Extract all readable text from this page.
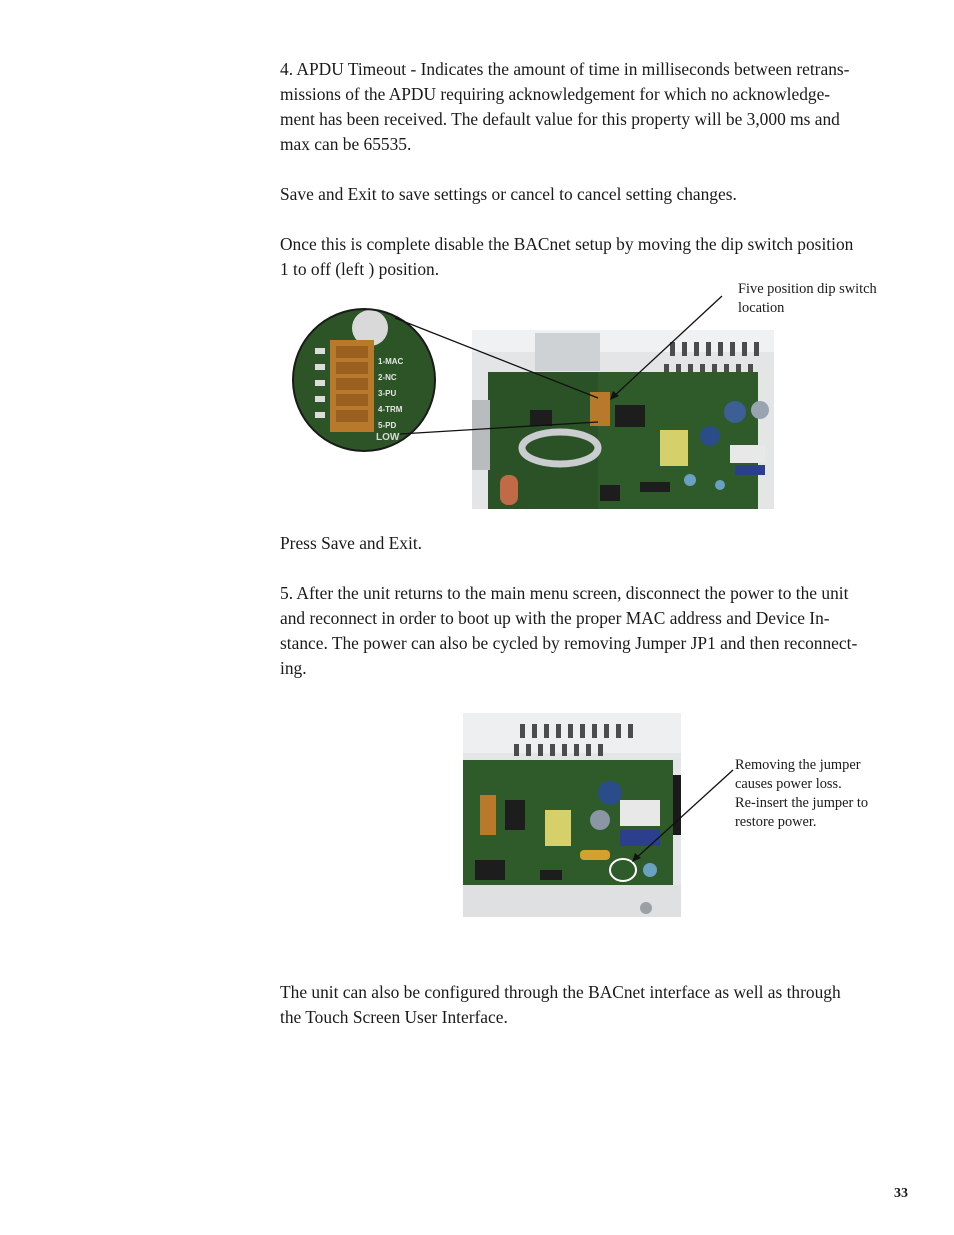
4. APDU Timeout - Indicates the amount of time in milliseconds between retrans-
missions of the APDU requiring acknowledgement for which no acknowledge-
ment has been received. The default value for this property will be 3,000 ms and
max can be 65535.

Save and Exit to save settings or cancel to cancel setting changes.

Once this is complete disable the BACnet setup by moving the dip switch position
1 to off (left ) position.

Five position dip switch
location
1-MAC
2-NC
3-PU
4-TRM
5-PD
LOW

Press Save and Exit.

5. After the unit returns to the main menu screen, disconnect the power to the unit
and reconnect in order to boot up with the proper MAC address and Device In-
stance. The power can also be cycled by removing Jumper JP1 and then reconnect-
ing.

Removing the jumper
causes power loss.
Re-insert the jumper to
restore power.

The unit can also be configured through the BACnet interface as well as through
the Touch Screen User Interface.

33
